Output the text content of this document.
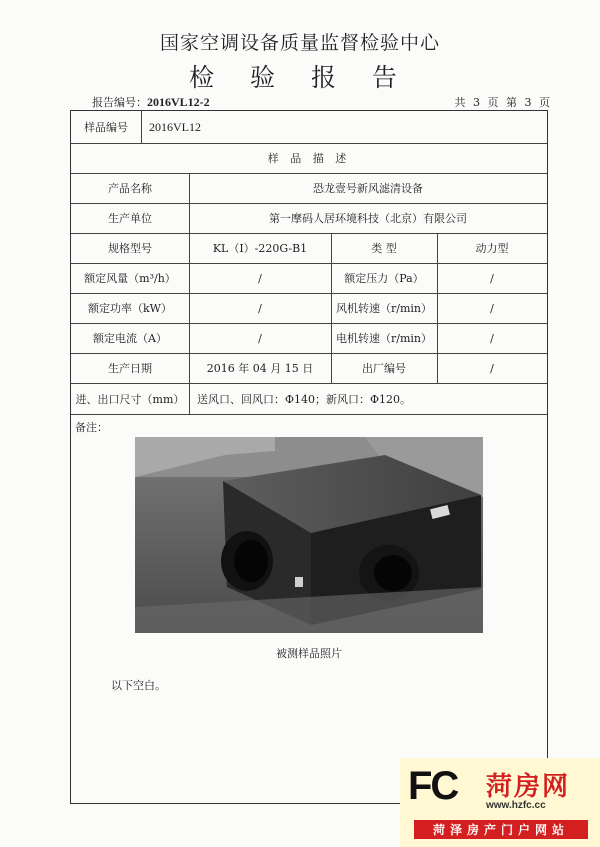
国家空调设备质量监督检验中心
检 验 报 告
报告编号：2016VL12-2	共 3 页 第 3 页
样品编号	2016VL12
样 品 描 述
产品名称	恐龙壹号新风滤清设备
生产单位	第一摩码人居环境科技（北京）有限公司
规格型号	KL（I）-220G-B1	类 型	动力型
额定风量（m³/h）	/	额定压力（Pa）	/
额定功率（kW）	/	风机转速（r/min）	/
额定电流（A）	/	电机转速（r/min）	/
生产日期	2016 年 04 月 15 日	出厂编号	/
进、出口尺寸（mm）	送风口、回风口：Φ140；新风口：Φ120。
备注：
被测样品照片
以下空白。
FC 菏房网
www.hzfc.cc
菏泽房产门户网站
